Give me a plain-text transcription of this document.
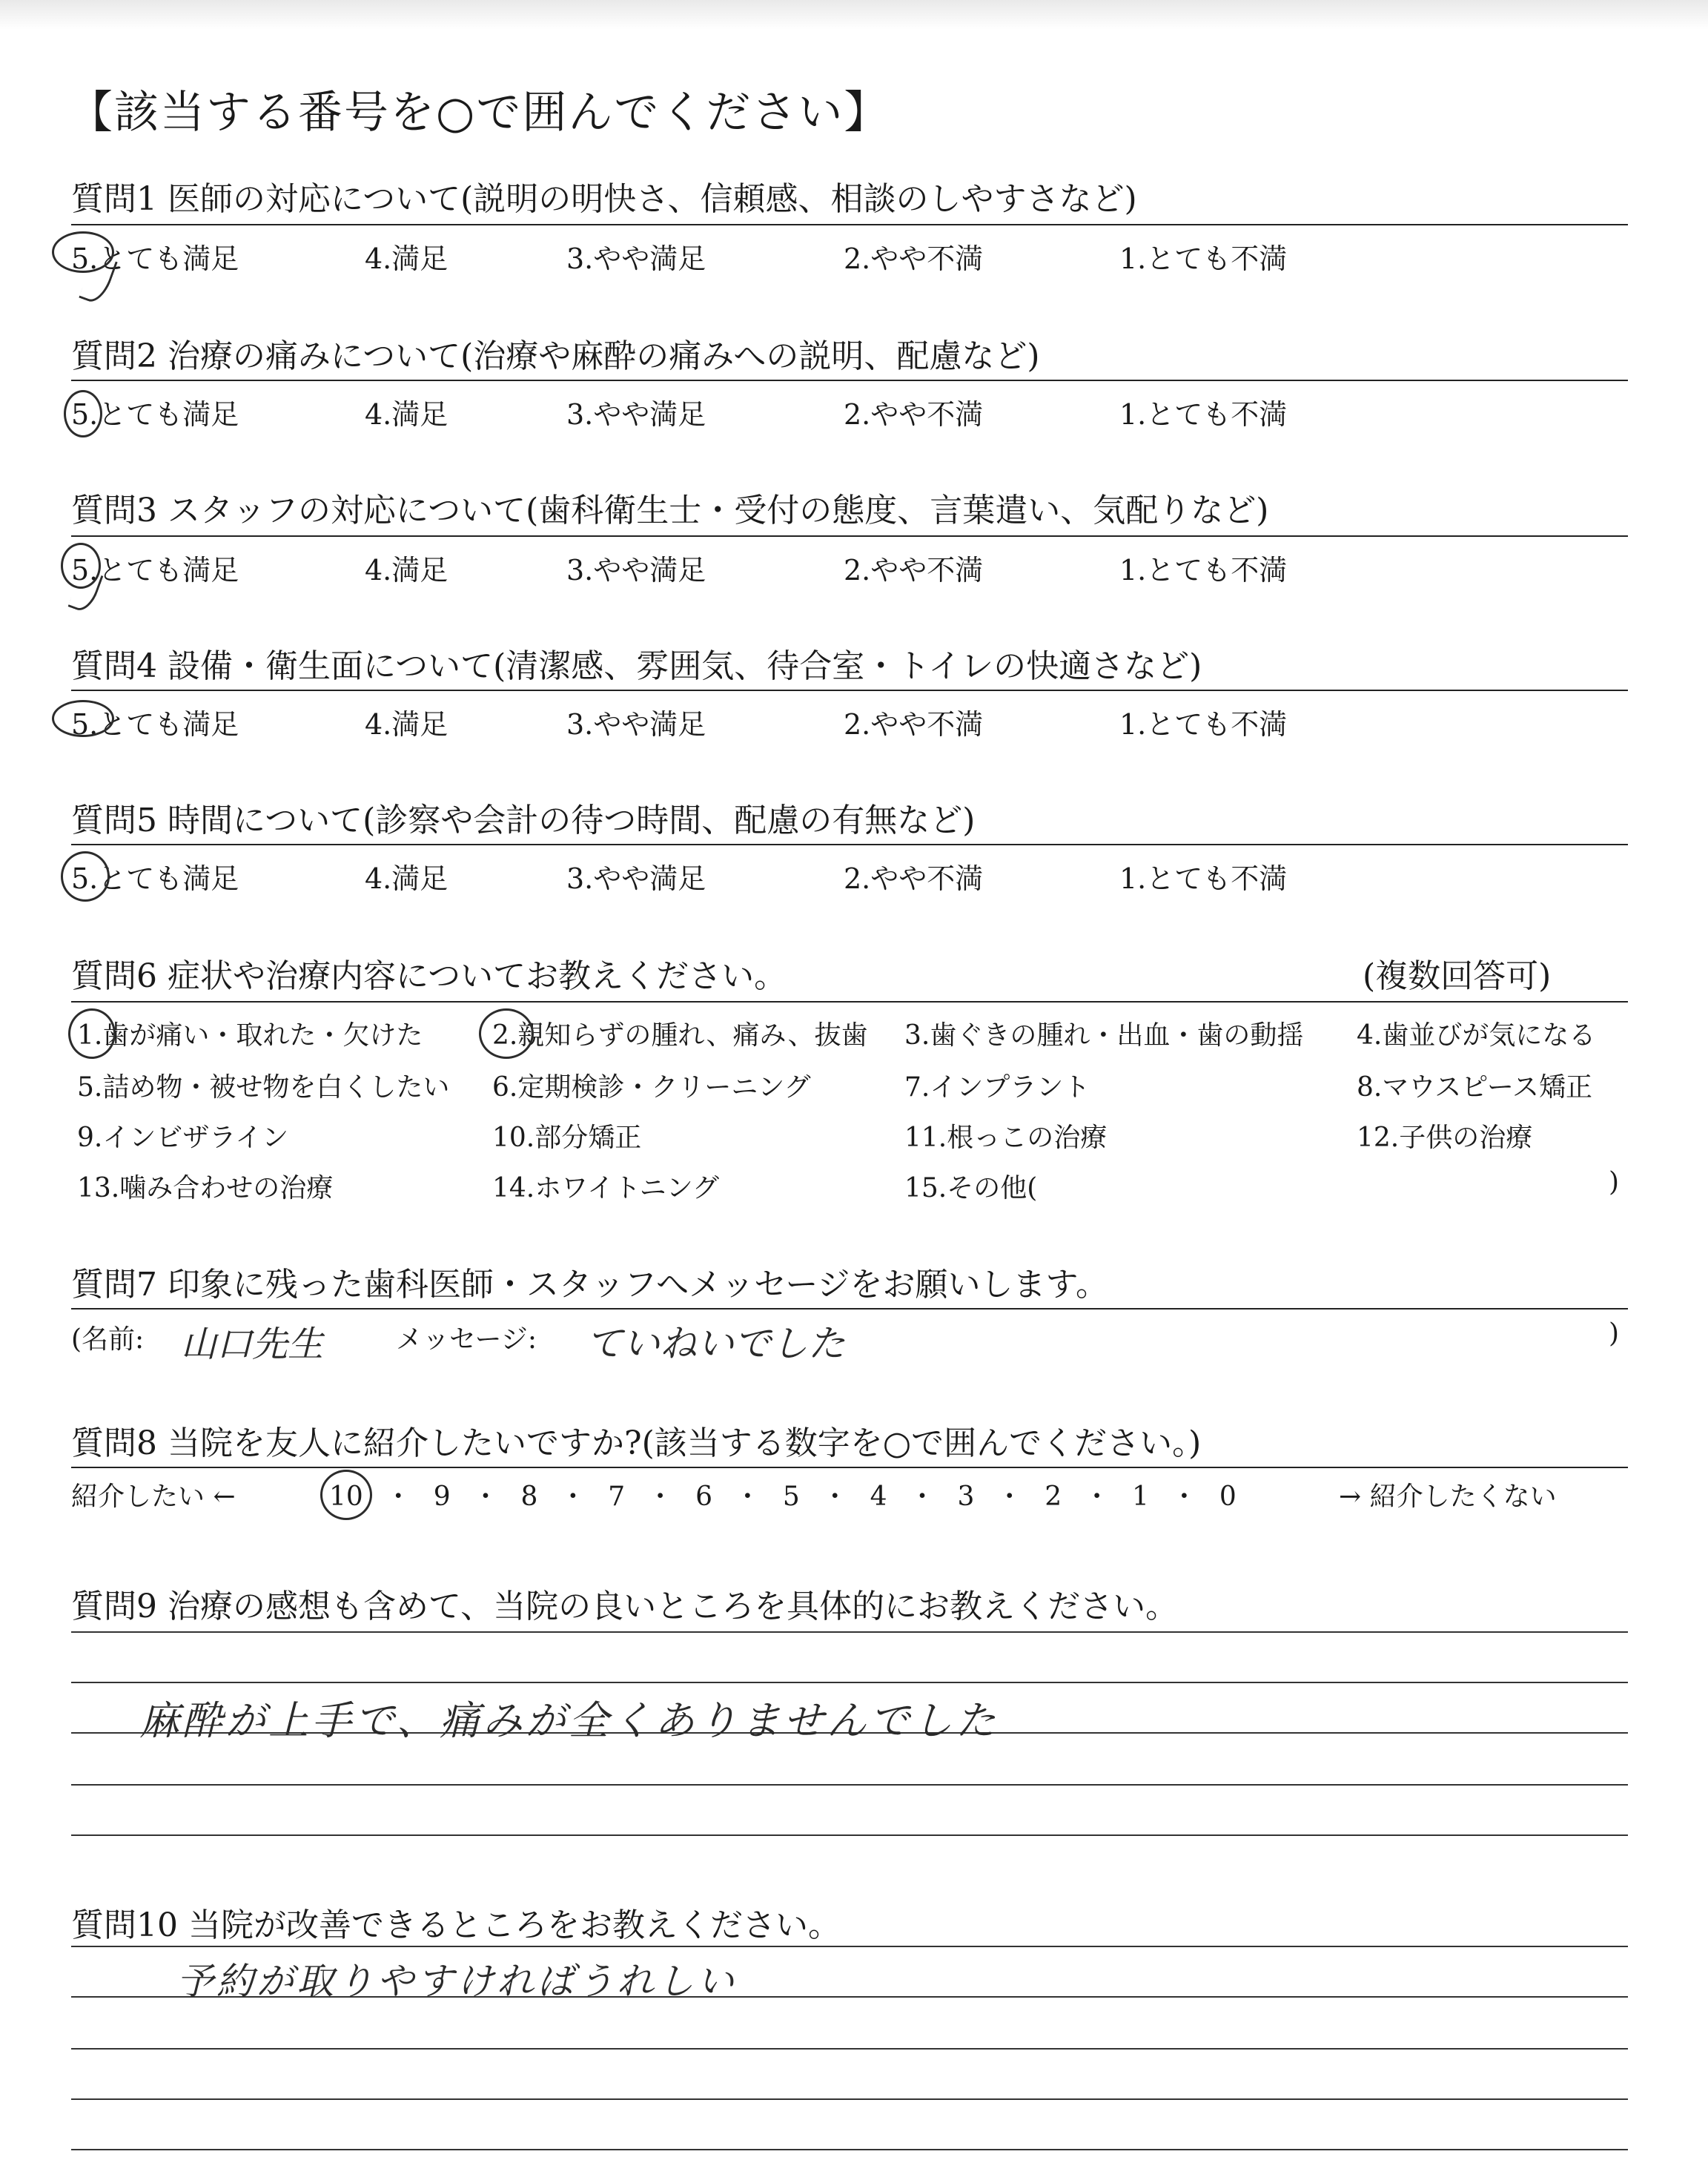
【該当する番号を○で囲んでください】
質問1 医師の対応について(説明の明快さ、信頼感、相談のしやすさなど)
5.とても満足	4.満足	3.やや満足	2.やや不満	1.とても不満
質問2 治療の痛みについて(治療や麻酔の痛みへの説明、配慮など)
5.とても満足	4.満足	3.やや満足	2.やや不満	1.とても不満
質問3 スタッフの対応について(歯科衛生士・受付の態度、言葉遣い、気配りなど)
5.とても満足	4.満足	3.やや満足	2.やや不満	1.とても不満
質問4 設備・衛生面について(清潔感、雰囲気、待合室・トイレの快適さなど)
5.とても満足	4.満足	3.やや満足	2.やや不満	1.とても不満
質問5 時間について(診察や会計の待つ時間、配慮の有無など)
5.とても満足	4.満足	3.やや満足	2.やや不満	1.とても不満
質問6 症状や治療内容についてお教えください。	(複数回答可)
1.歯が痛い・取れた・欠けた	2.親知らずの腫れ、痛み、抜歯 3.歯ぐきの腫れ・出血・歯の動揺 4.歯並びが気になる
5.詰め物・被せ物を白くしたい 6.定期検診・クリーニング	7.インプラント	8.マウスピース矯正
9.インビザライン	10.部分矯正	11.根っこの治療	12.子供の治療
13.噛み合わせの治療	14.ホワイトニング	15.その他(	)
質問7 印象に残った歯科医師・スタッフへメッセージをお願いします。
(名前: 山口先生	メッセージ: ていねいでした	)
質問8 当院を友人に紹介したいですか?(該当する数字を○で囲んでください。)
紹介したい ←	10 ・ 9 ・ 8 ・ 7 ・ 6 ・ 5 ・ 4 ・ 3 ・ 2 ・ 1 ・ 0	→ 紹介したくない
質問9 治療の感想も含めて、当院の良いところを具体的にお教えください。
麻酔が上手で、痛みが全くありませんでした
質問10 当院が改善できるところをお教えください。
予約が取りやすければうれしい
